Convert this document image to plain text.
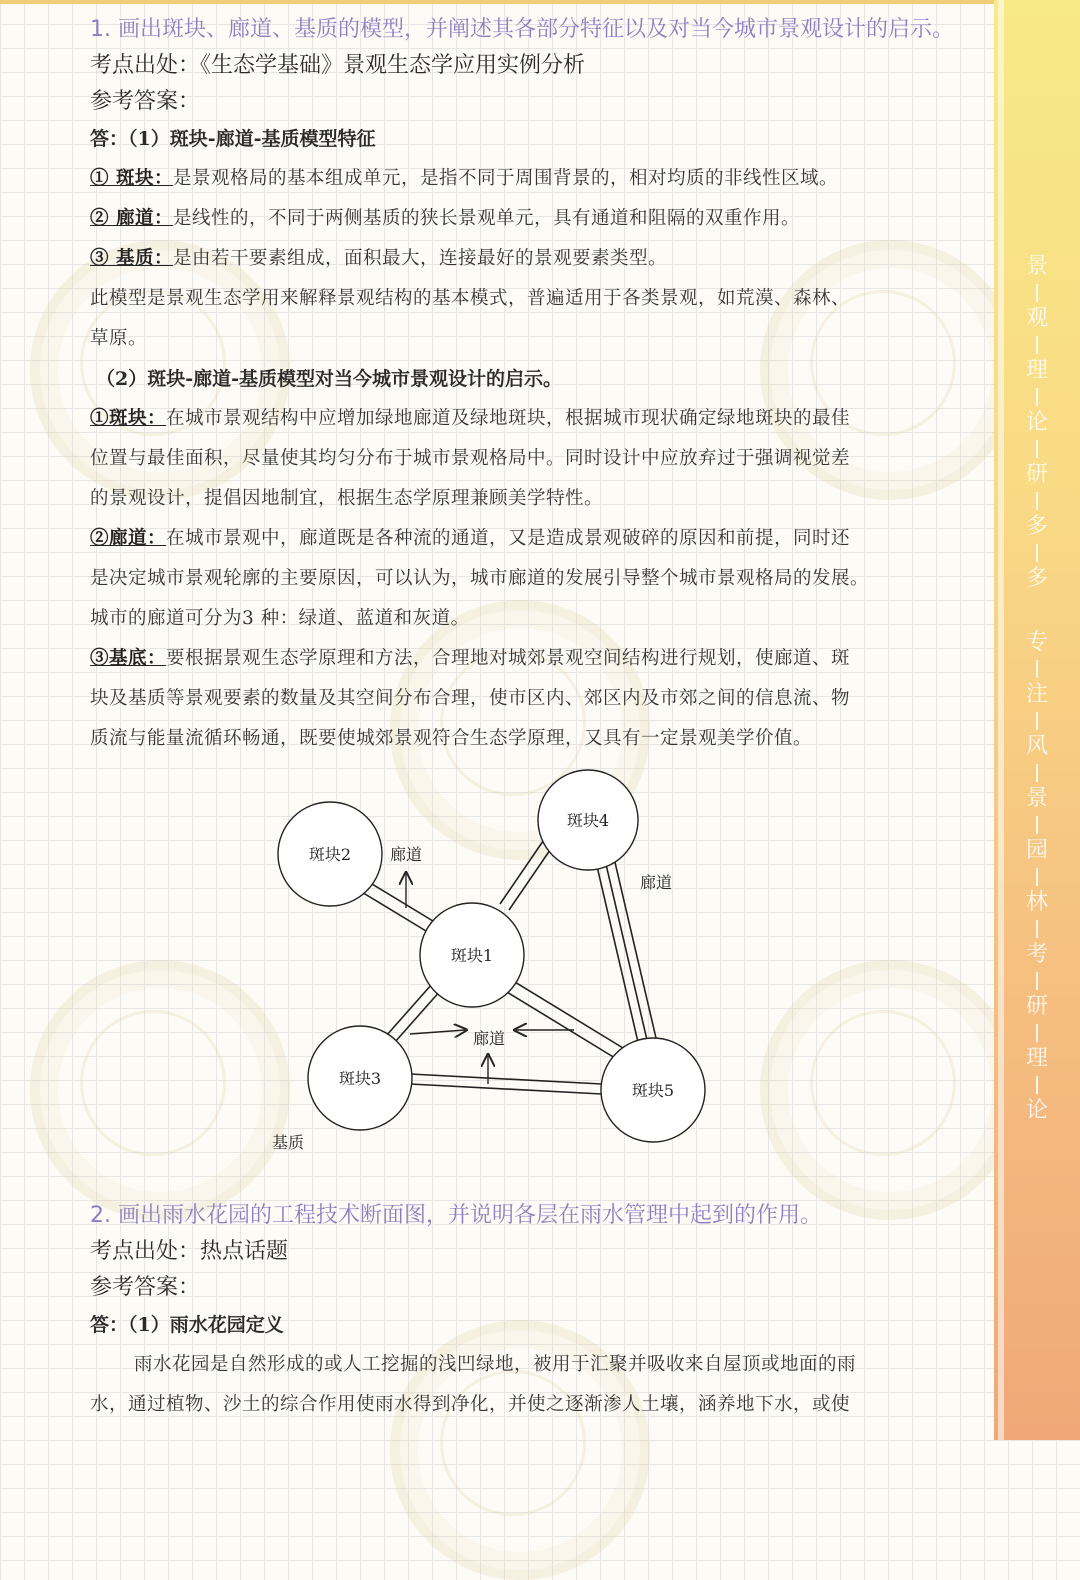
1. 画出斑块、廊道、基质的模型，并阐述其各部分特征以及对当今城市景观设计的启示。
考点出处：《生态学基础》景观生态学应用实例分析
参考答案：
答：（1）斑块-廊道-基质模型特征
① 斑块：是景观格局的基本组成单元，是指不同于周围背景的，相对均质的非线性区域。
② 廊道：是线性的，不同于两侧基质的狭长景观单元，具有通道和阻隔的双重作用。
③ 基质：是由若干要素组成，面积最大，连接最好的景观要素类型。
此模型是景观生态学用来解释景观结构的基本模式，普遍适用于各类景观，如荒漠、森林、
草原。
（2）斑块-廊道-基质模型对当今城市景观设计的启示。
①斑块：在城市景观结构中应增加绿地廊道及绿地斑块，根据城市现状确定绿地斑块的最佳
位置与最佳面积，尽量使其均匀分布于城市景观格局中。同时设计中应放弃过于强调视觉差
的景观设计，提倡因地制宜，根据生态学原理兼顾美学特性。
②廊道：在城市景观中，廊道既是各种流的通道，又是造成景观破碎的原因和前提，同时还
是决定城市景观轮廓的主要原因，可以认为，城市廊道的发展引导整个城市景观格局的发展。
城市的廊道可分为3 种：绿道、蓝道和灰道。
③基底：要根据景观生态学原理和方法，合理地对城郊景观空间结构进行规划，使廊道、斑
块及基质等景观要素的数量及其空间分布合理，使市区内、郊区内及市郊之间的信息流、物
质流与能量流循环畅通，既要使城郊景观符合生态学原理，又具有一定景观美学价值。
斑块2
斑块1
斑块4
斑块3
斑块5
廊道
廊道
廊道
基质
2. 画出雨水花园的工程技术断面图，并说明各层在雨水管理中起到的作用。
考点出处：热点话题
参考答案：
答：（1）雨水花园定义
雨水花园是自然形成的或人工挖掘的浅凹绿地，被用于汇聚并吸收来自屋顶或地面的雨
水，通过植物、沙土的综合作用使雨水得到净化，并使之逐渐渗人土壤，涵养地下水，或使
景
观
理
论
研
多
多
专
注
风
景
园
林
考
研
理
论
